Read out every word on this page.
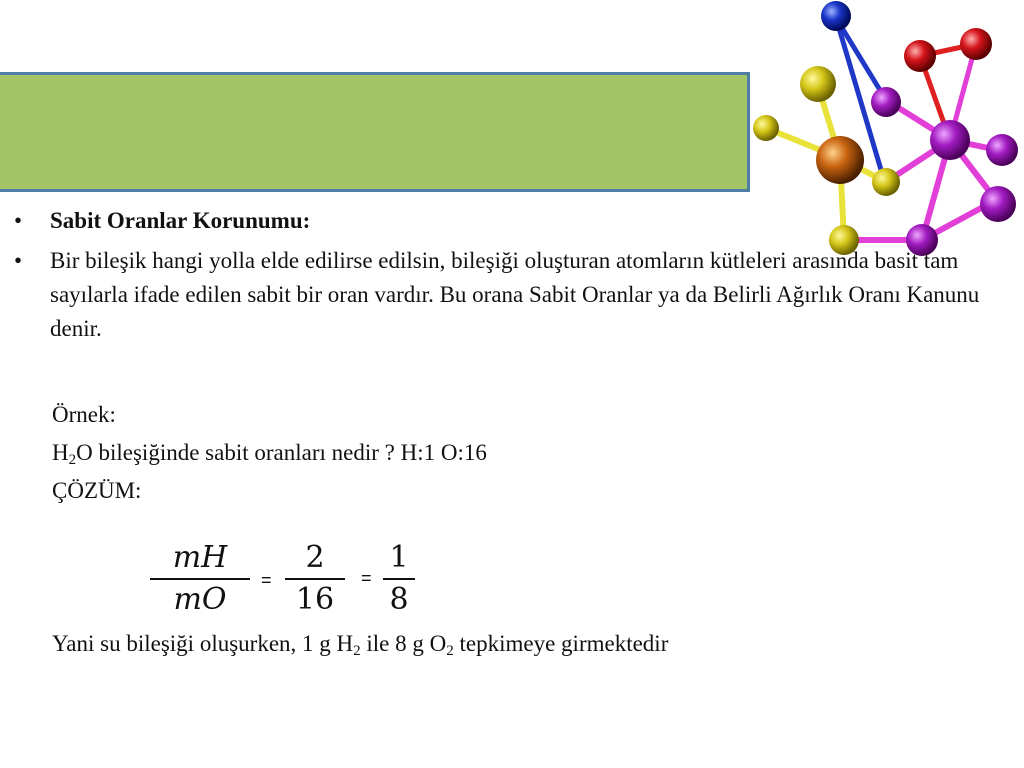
•	Sabit Oranlar Korunumu:
•	Bir bileşik hangi yolla elde edilirse edilsin, bileşiği oluşturan atomların kütleleri arasında basit tam sayılarla ifade edilen sabit bir oran vardır. Bu orana Sabit Oranlar ya da Belirli Ağırlık Oranı Kanunu denir.
Örnek:
$H_2O$ bileşiğinde sabit oranları nedir ? H:1 O:16
ÇÖZÜM:
mH
mO
=
2
16
=
1
8
Yani su bileşiği oluşurken, 1 g $H_2$ ile 8 g $O_2$ tepkimeye girmektedir
